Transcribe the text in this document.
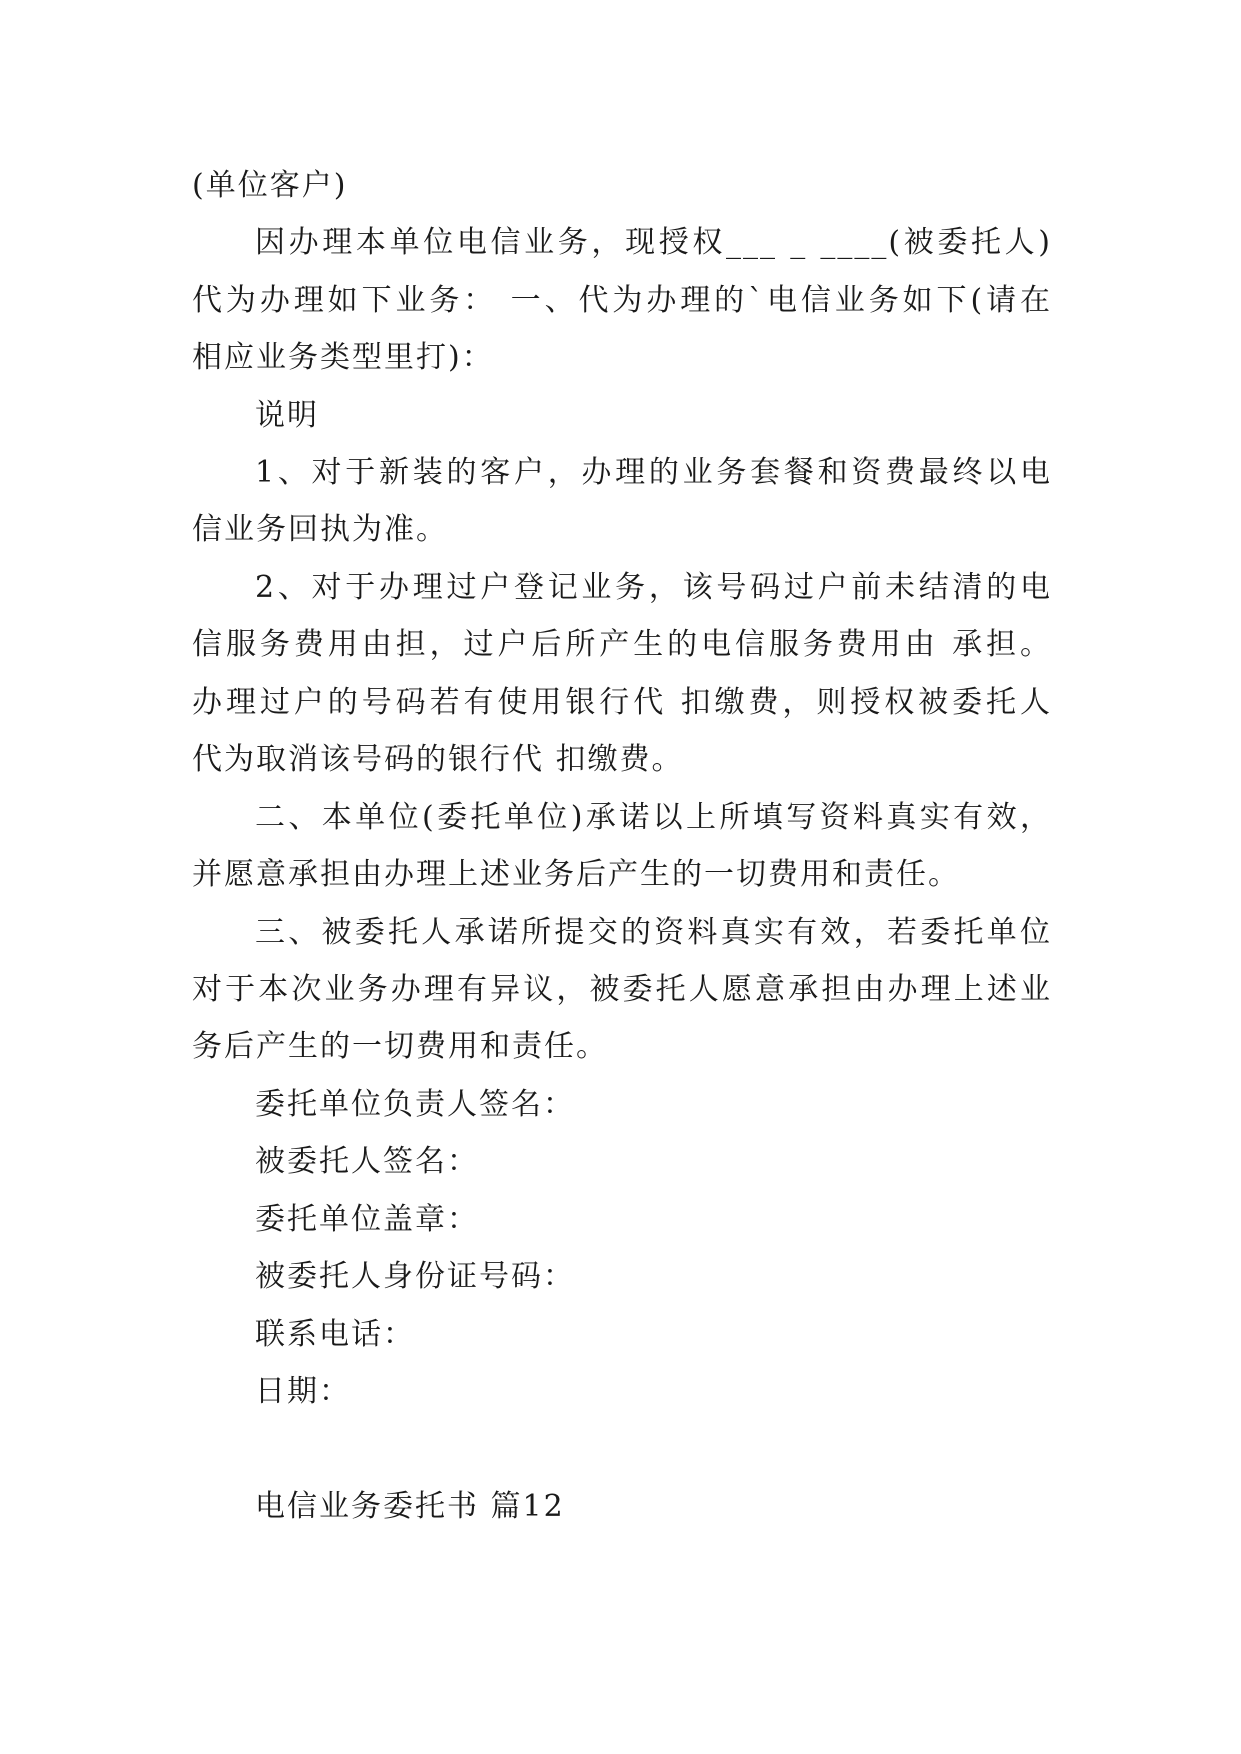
(单位客户)
因办理本单位电信业务，现授权___ _ ____(被委托人)
代为办理如下业务： 一、代为办理的`电信业务如下(请在
相应业务类型里打)：
说明
1、对于新装的客户，办理的业务套餐和资费最终以电
信业务回执为准。
2、对于办理过户登记业务，该号码过户前未结清的电
信服务费用由担，过户后所产生的电信服务费用由 承担。
办理过户的号码若有使用银行代 扣缴费，则授权被委托人
代为取消该号码的银行代 扣缴费。
二、本单位(委托单位)承诺以上所填写资料真实有效，
并愿意承担由办理上述业务后产生的一切费用和责任。
三、被委托人承诺所提交的资料真实有效，若委托单位
对于本次业务办理有异议，被委托人愿意承担由办理上述业
务后产生的一切费用和责任。
委托单位负责人签名：
被委托人签名：
委托单位盖章：
被委托人身份证号码：
联系电话：
日期：
电信业务委托书 篇12
